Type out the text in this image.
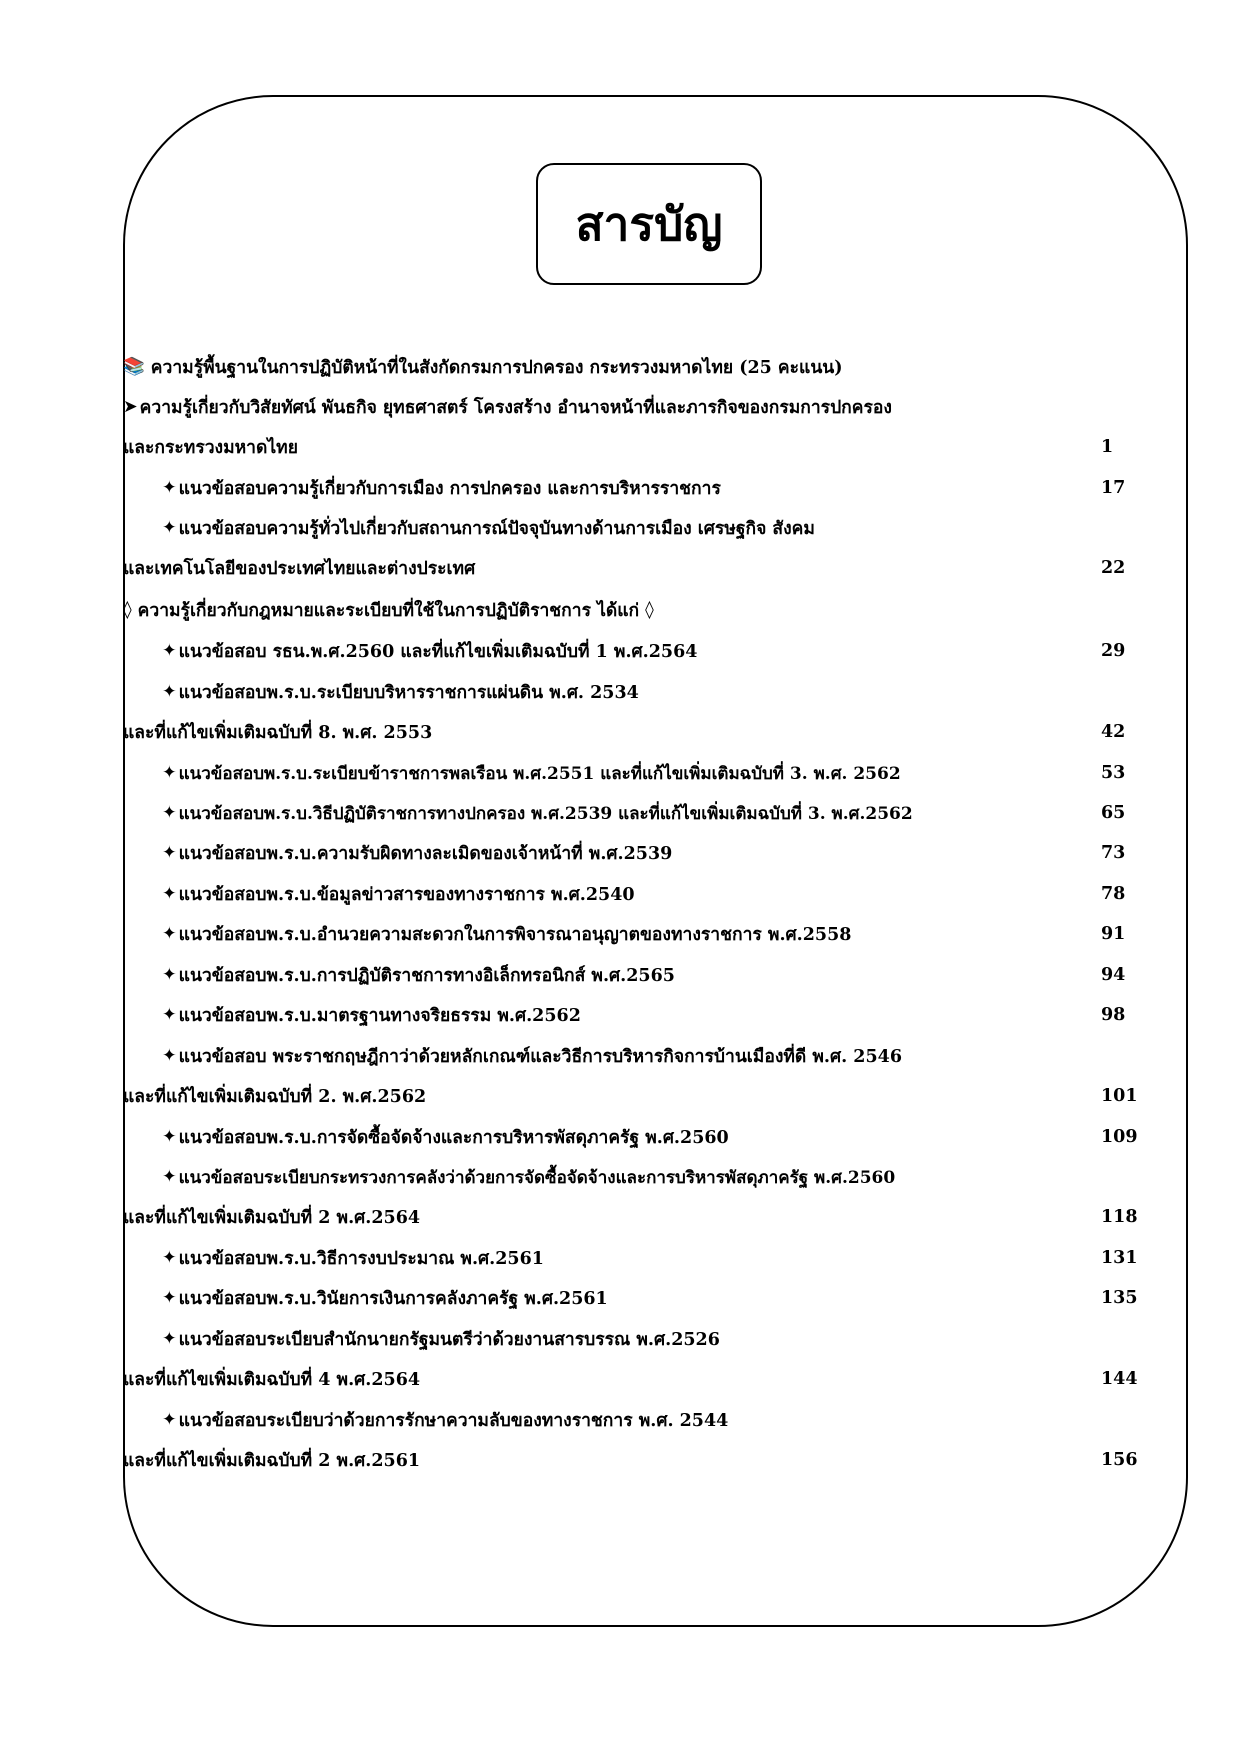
สารบัญ
📚 ความรู้พื้นฐานในการปฏิบัติหน้าที่ในสังกัดกรมการปกครอง กระทรวงมหาดไทย (25 คะแนน)
➤ ความรู้เกี่ยวกับวิสัยทัศน์ พันธกิจ ยุทธศาสตร์ โครงสร้าง อำนาจหน้าที่และภารกิจของกรมการปกครอง
และกระทรวงมหาดไทย	1
✦ แนวข้อสอบความรู้เกี่ยวกับการเมือง การปกครอง และการบริหารราชการ	17
✦ แนวข้อสอบความรู้ทั่วไปเกี่ยวกับสถานการณ์ปัจจุบันทางด้านการเมือง เศรษฐกิจ สังคม
และเทคโนโลยีของประเทศไทยและต่างประเทศ	22
◊ ความรู้เกี่ยวกับกฎหมายและระเบียบที่ใช้ในการปฏิบัติราชการ ได้แก่ ◊
✦ แนวข้อสอบ รธน.พ.ศ.2560 และที่แก้ไขเพิ่มเติมฉบับที่ 1 พ.ศ.2564	29
✦ แนวข้อสอบพ.ร.บ.ระเบียบบริหารราชการแผ่นดิน พ.ศ. 2534
และที่แก้ไขเพิ่มเติมฉบับที่ 8. พ.ศ. 2553	42
✦ แนวข้อสอบพ.ร.บ.ระเบียบข้าราชการพลเรือน พ.ศ.2551 และที่แก้ไขเพิ่มเติมฉบับที่ 3. พ.ศ. 2562	53
✦ แนวข้อสอบพ.ร.บ.วิธีปฏิบัติราชการทางปกครอง พ.ศ.2539 และที่แก้ไขเพิ่มเติมฉบับที่ 3. พ.ศ.2562	65
✦ แนวข้อสอบพ.ร.บ.ความรับผิดทางละเมิดของเจ้าหน้าที่ พ.ศ.2539	73
✦ แนวข้อสอบพ.ร.บ.ข้อมูลข่าวสารของทางราชการ พ.ศ.2540	78
✦ แนวข้อสอบพ.ร.บ.อำนวยความสะดวกในการพิจารณาอนุญาตของทางราชการ พ.ศ.2558	91
✦ แนวข้อสอบพ.ร.บ.การปฏิบัติราชการทางอิเล็กทรอนิกส์ พ.ศ.2565	94
✦ แนวข้อสอบพ.ร.บ.มาตรฐานทางจริยธรรม พ.ศ.2562	98
✦ แนวข้อสอบ พระราชกฤษฎีกาว่าด้วยหลักเกณฑ์และวิธีการบริหารกิจการบ้านเมืองที่ดี พ.ศ. 2546
และที่แก้ไขเพิ่มเติมฉบับที่ 2. พ.ศ.2562	101
✦ แนวข้อสอบพ.ร.บ.การจัดซื้อจัดจ้างและการบริหารพัสดุภาครัฐ พ.ศ.2560	109
✦ แนวข้อสอบระเบียบกระทรวงการคลังว่าด้วยการจัดซื้อจัดจ้างและการบริหารพัสดุภาครัฐ พ.ศ.2560
และที่แก้ไขเพิ่มเติมฉบับที่ 2 พ.ศ.2564	118
✦ แนวข้อสอบพ.ร.บ.วิธีการงบประมาณ พ.ศ.2561	131
✦ แนวข้อสอบพ.ร.บ.วินัยการเงินการคลังภาครัฐ พ.ศ.2561	135
✦ แนวข้อสอบระเบียบสำนักนายกรัฐมนตรีว่าด้วยงานสารบรรณ พ.ศ.2526
และที่แก้ไขเพิ่มเติมฉบับที่ 4 พ.ศ.2564	144
✦ แนวข้อสอบระเบียบว่าด้วยการรักษาความลับของทางราชการ พ.ศ. 2544
และที่แก้ไขเพิ่มเติมฉบับที่ 2 พ.ศ.2561	156
